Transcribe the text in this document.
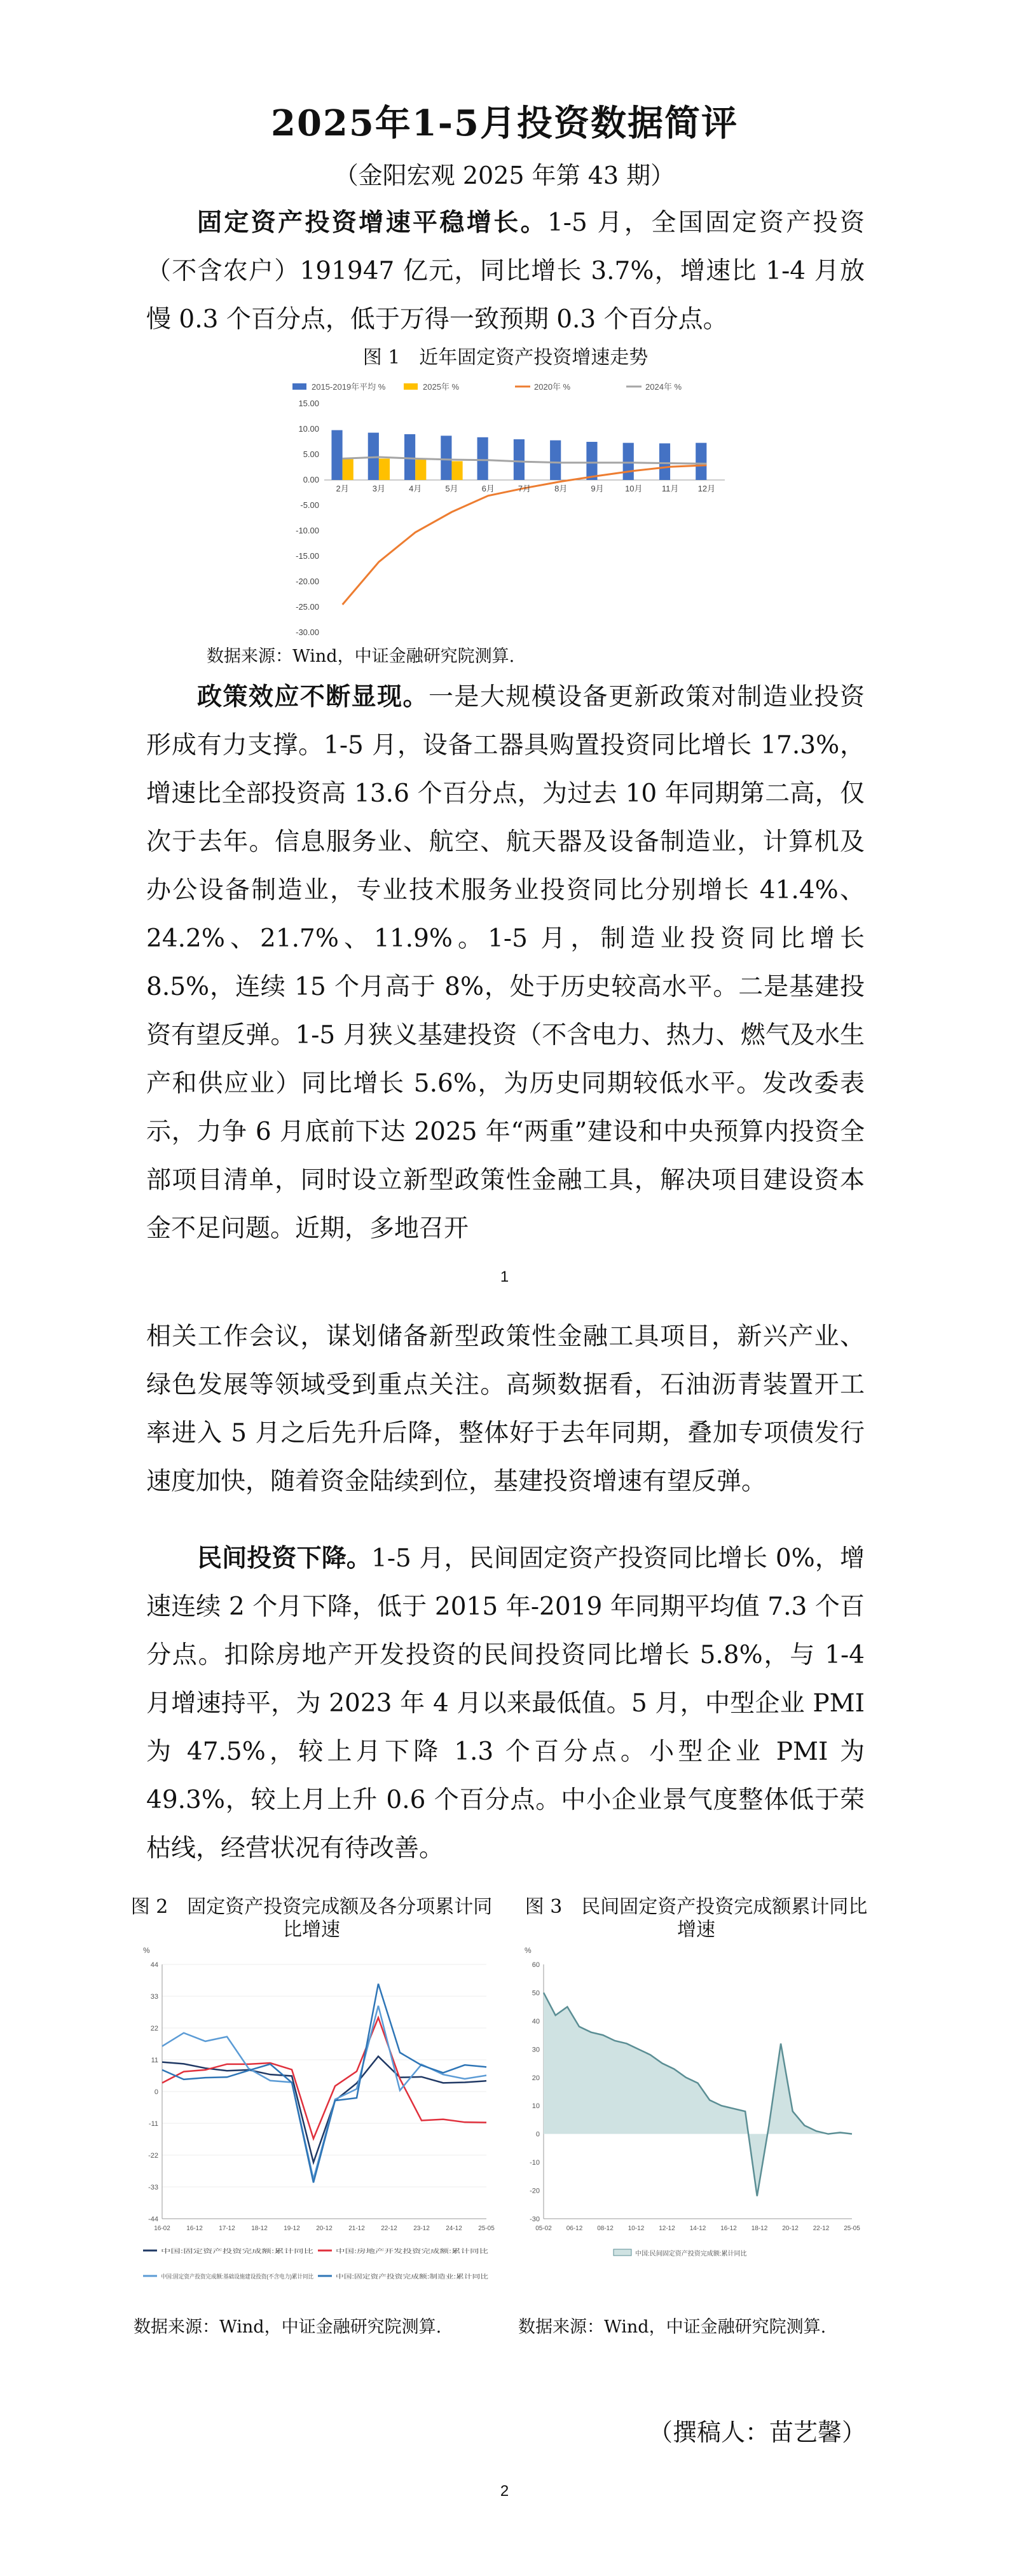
2025年1-5月投资数据简评
（金阳宏观 2025 年第 43 期）

固定资产投资增速平稳增长。1-5 月，全国固定资产投资（不含农户）191947 亿元，同比增长 3.7%，增速比 1-4 月放慢 0.3 个百分点，低于万得一致预期 0.3 个百分点。

图 1　近年固定资产投资增速走势
2015-2019年平均 %	2025年 %	2020年 %	2024年 %
15.00
10.00
5.00
0.00
-5.00
-10.00
-15.00
-20.00
-25.00
-30.00
2月	3月	4月	5月	6月	7月	8月	9月	10月 11月 12月
数据来源：Wind，中证金融研究院测算.

政策效应不断显现。一是大规模设备更新政策对制造业投资形成有力支撑。1-5 月，设备工器具购置投资同比增长 17.3%，增速比全部投资高 13.6 个百分点，为过去 10 年同期第二高，仅次于去年。信息服务业、航空、航天器及设备制造业，计算机及办公设备制造业，专业技术服务业投资同比分别增长 41.4%、24.2%、21.7%、11.9%。1-5 月，制造业投资同比增长 8.5%，连续 15 个月高于 8%，处于历史较高水平。二是基建投资有望反弹。1-5 月狭义基建投资（不含电力、热力、燃气及水生产和供应业）同比增长 5.6%，为历史同期较低水平。发改委表示，力争 6 月底前下达 2025 年“两重”建设和中央预算内投资全部项目清单，同时设立新型政策性金融工具，解决项目建设资本金不足问题。近期，多地召开

1

相关工作会议，谋划储备新型政策性金融工具项目，新兴产业、绿色发展等领域受到重点关注。高频数据看，石油沥青装置开工率进入 5 月之后先升后降，整体好于去年同期，叠加专项债发行速度加快，随着资金陆续到位，基建投资增速有望反弹。

民间投资下降。1-5 月，民间固定资产投资同比增长 0%，增速连续 2 个月下降，低于 2015 年-2019 年同期平均值 7.3 个百分点。扣除房地产开发投资的民间投资同比增长 5.8%，与 1-4 月增速持平，为 2023 年 4 月以来最低值。5 月，中型企业 PMI 为 47.5%，较上月下降 1.3 个百分点。小型企业 PMI 为 49.3%，较上月上升 0.6 个百分点。中小企业景气度整体低于荣枯线，经营状况有待改善。

图 2　固定资产投资完成额及各分项累计同比增速
图 3　民间固定资产投资完成额累计同比增速
%
44
33
22
11
0
-11
-22
-33
-44
16-02	16-12	17-12	18-12	19-12	20-12	21-12	22-12	23-12	24-12	25-05
中国:固定资产投资完成额:累计同比	中国:房地产开发投资完成额:累计同比
中国:固定资产投资完成额:基础设施建设投资(不含电力)累计同比 中国:固定资产投资完成额:制造业:累计同比
%
60
50
40
30
20
10
0
-10
-20
-30
05-02 06-12 08-12 10-12 12-12 14-12 16-12 18-12 20-12 22-12 25-05
中国:民间固定资产投资完成额:累计同比
数据来源：Wind，中证金融研究院测算.	数据来源：Wind，中证金融研究院测算.
（撰稿人：苗艺馨）
2
